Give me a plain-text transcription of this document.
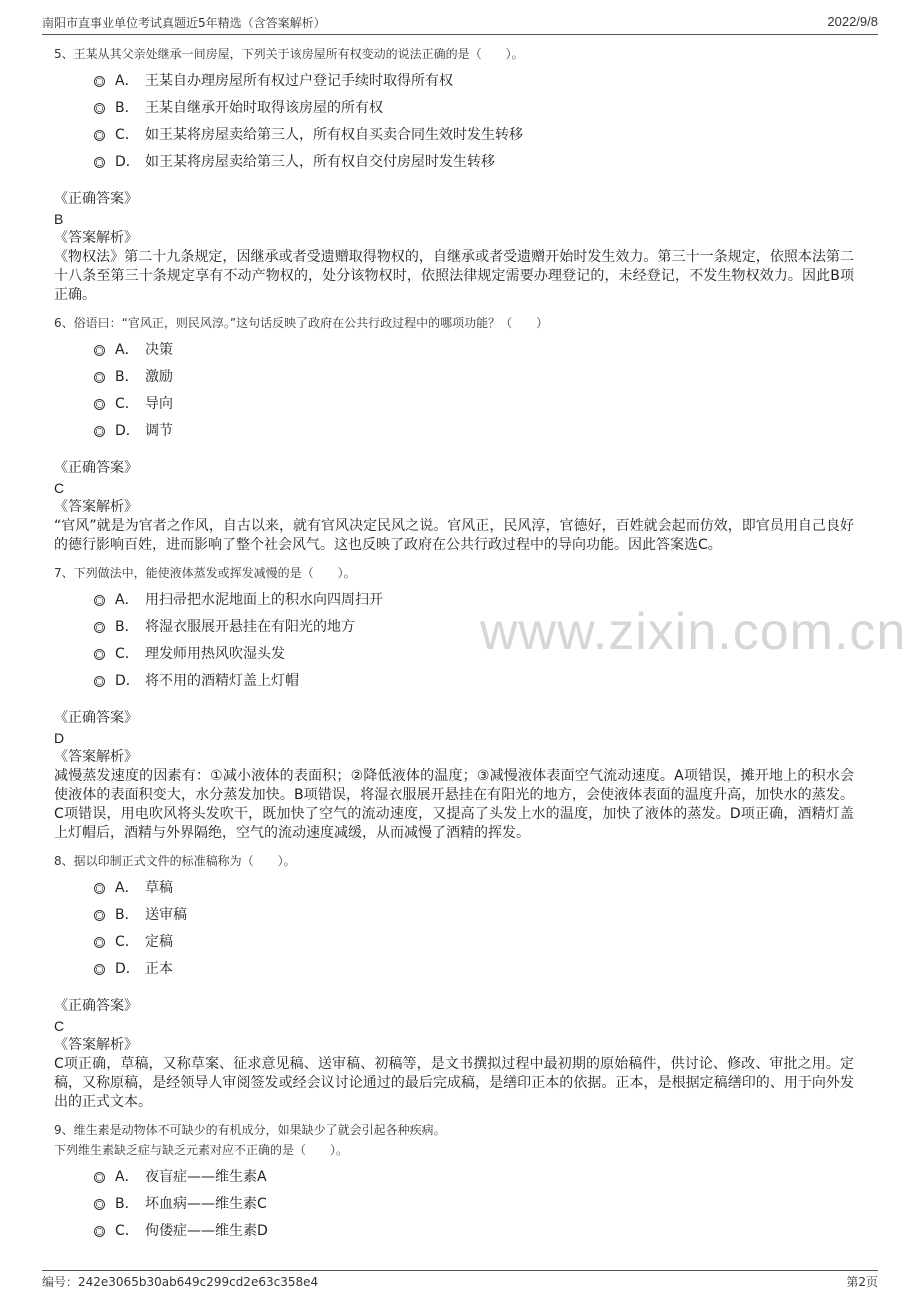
南阳市直事业单位考试真题近5年精选（含答案解析）	2022/9/8
www.zixin.com.cn
5、王某从其父亲处继承一间房屋，下列关于该房屋所有权变动的说法正确的是（　　）。
A． 王某自办理房屋所有权过户登记手续时取得所有权
B． 王某自继承开始时取得该房屋的所有权
C． 如王某将房屋卖给第三人，所有权自买卖合同生效时发生转移
D． 如王某将房屋卖给第三人，所有权自交付房屋时发生转移
《正确答案》
B
《答案解析》
《物权法》第二十九条规定，因继承或者受遗赠取得物权的，自继承或者受遗赠开始时发生效力。第三十一条规定，依照本法第二十八条至第三十条规定享有不动产物权的，处分该物权时，依照法律规定需要办理登记的，未经登记，不发生物权效力。因此B项正确。
6、俗语曰：“官风正，则民风淳。”这句话反映了政府在公共行政过程中的哪项功能？（　　）
A． 决策
B． 激励
C． 导向
D． 调节
《正确答案》
C
《答案解析》
“官风”就是为官者之作风，自古以来，就有官风决定民风之说。官风正，民风淳，官德好，百姓就会起而仿效，即官员用自己良好的德行影响百姓，进而影响了整个社会风气。这也反映了政府在公共行政过程中的导向功能。因此答案选C。
7、下列做法中，能使液体蒸发或挥发减慢的是（　　）。
A． 用扫帚把水泥地面上的积水向四周扫开
B． 将湿衣服展开悬挂在有阳光的地方
C． 理发师用热风吹湿头发
D． 将不用的酒精灯盖上灯帽
《正确答案》
D
《答案解析》
减慢蒸发速度的因素有：①减小液体的表面积；②降低液体的温度；③减慢液体表面空气流动速度。A项错误，摊开地上的积水会使液体的表面积变大，水分蒸发加快。B项错误，将湿衣服展开悬挂在有阳光的地方，会使液体表面的温度升高，加快水的蒸发。C项错误，用电吹风将头发吹干，既加快了空气的流动速度，又提高了头发上水的温度，加快了液体的蒸发。D项正确，酒精灯盖上灯帽后，酒精与外界隔绝，空气的流动速度减缓，从而减慢了酒精的挥发。
8、据以印制正式文件的标准稿称为（　　）。
A． 草稿
B． 送审稿
C． 定稿
D． 正本
《正确答案》
C
《答案解析》
C项正确，草稿，又称草案、征求意见稿、送审稿、初稿等，是文书撰拟过程中最初期的原始稿件，供讨论、修改、审批之用。定稿，又称原稿，是经领导人审阅签发或经会议讨论通过的最后完成稿，是缮印正本的依据。正本，是根据定稿缮印的、用于向外发出的正式文本。
9、维生素是动物体不可缺少的有机成分，如果缺少了就会引起各种疾病。
下列维生素缺乏症与缺乏元素对应不正确的是（　　）。
A． 夜盲症——维生素A
B． 坏血病——维生素C
C． 佝偻症——维生素D
编号：242e3065b30ab649c299cd2e63c358e4	第2页
